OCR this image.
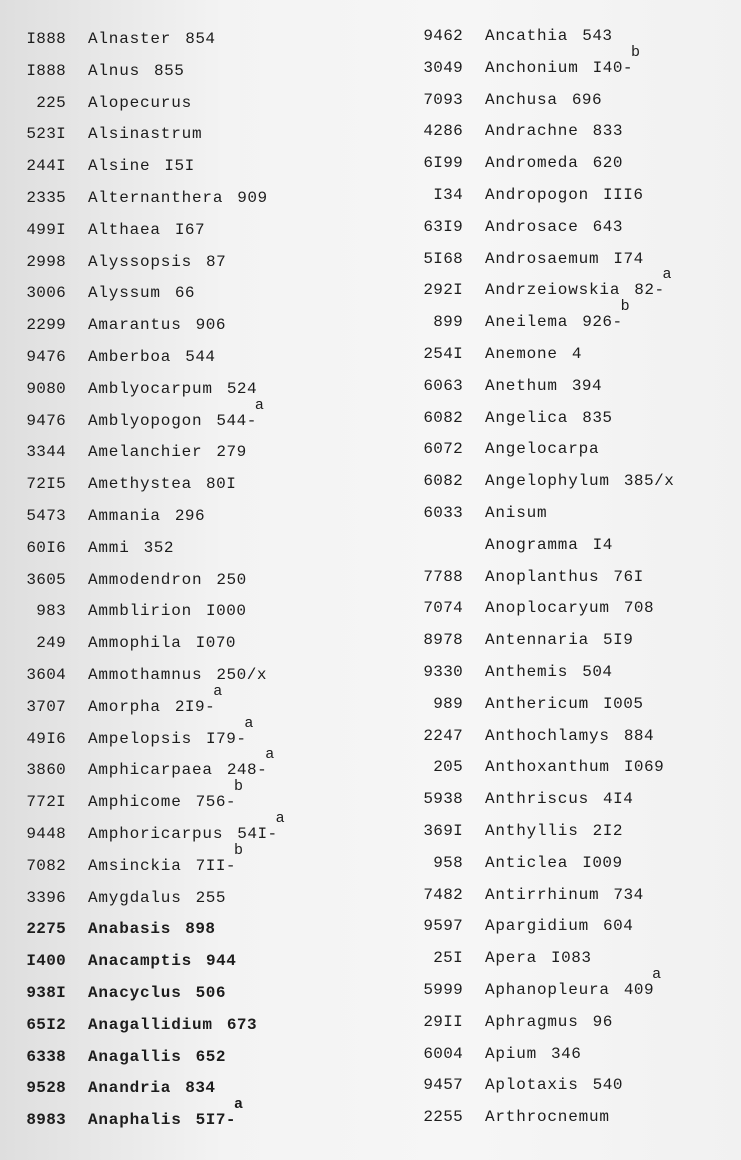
I888 Alnaster 854
I888 Alnus 855
225 Alopecurus
523I Alsinastrum
244I Alsine I5I
2335 Alternanthera 909
499I Althaea I67
2998 Alyssopsis 87
3006 Alyssum 66
2299 Amarantus 906
9476 Amberboa 544
9080 Amblyocarpum 524
9476 Amblyopogon 544-a
3344 Amelanchier 279
72I5 Amethystea 80I
5473 Ammania 296
60I6 Ammi 352
3605 Ammodendron 250
983 Ammblirion I000
249 Ammophila I070
3604 Ammothamnus 250/x
3707 Amorpha 2I9-a
49I6 Ampelopsis I79-a
3860 Amphicarpaea 248-a
772I Amphicome 756-b
9448 Amphoricarpus 54I-a
7082 Amsinckia 7II-b
3396 Amygdalus 255
2275 Anabasis 898
I400 Anacamptis 944
938I Anacyclus 506
65I2 Anagallidium 673
6338 Anagallis 652
9528 Anandria 834
8983 Anaphalis 5I7-a
9462 Ancathia 543
3049 Anchonium I40-b
7093 Anchusa 696
4286 Andrachne 833
6I99 Andromeda 620
I34 Andropogon III6
63I9 Androsace 643
5I68 Androsaemum I74
292I Andrzeiowskia 82-a
899 Aneilema 926-b
254I Anemone 4
6063 Anethum 394
6082 Angelica 835
6072 Angelocarpa
6082 Angelophylum 385/x
6033 Anisum
Anogramma I4
7788 Anoplanthus 76I
7074 Anoplocaryum 708
8978 Antennaria 5I9
9330 Anthemis 504
989 Anthericum I005
2247 Anthochlamys 884
205 Anthoxanthum I069
5938 Anthriscus 4I4
369I Anthyllis 2I2
958 Anticlea I009
7482 Antirrhinum 734
9597 Apargidium 604
25I Apera I083
5999 Aphanopleura 409a
29II Aphragmus 96
6004 Apium 346
9457 Aplotaxis 540
2255 Arthrocnemum
